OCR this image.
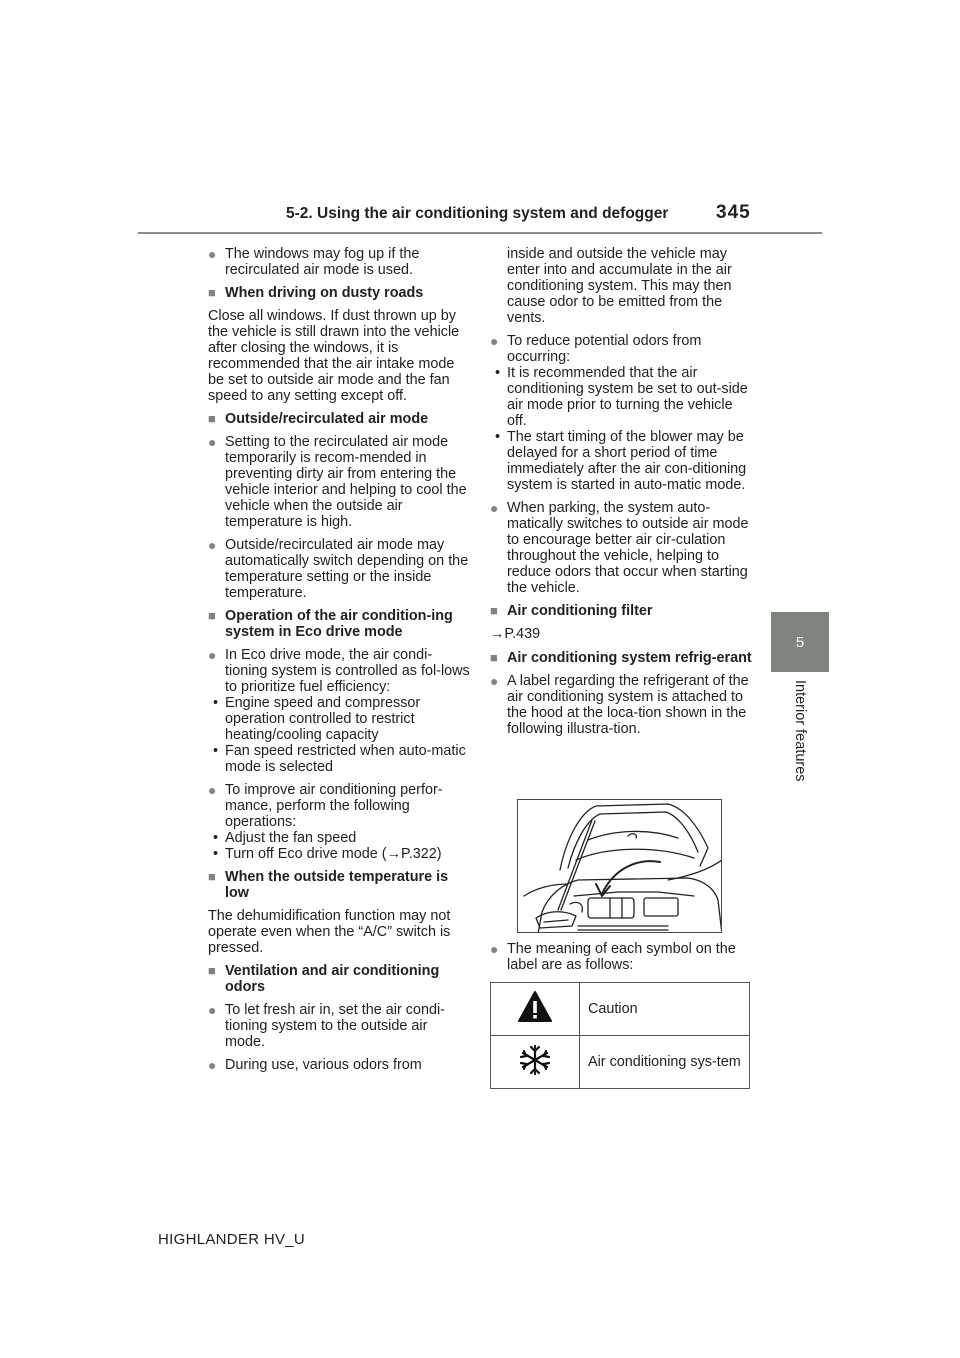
5-2. Using the air conditioning system and defogger	345
5
Interior features
● The windows may fog up if the recirculated air mode is used.
■ When driving on dusty roads
Close all windows. If dust thrown up by the vehicle is still drawn into the vehicle after closing the windows, it is recommended that the air intake mode be set to outside air mode and the fan speed to any setting except off.
■ Outside/recirculated air mode
● Setting to the recirculated air mode temporarily is recom-mended in preventing dirty air from entering the vehicle interior and helping to cool the vehicle when the outside air temperature is high.
● Outside/recirculated air mode may automatically switch depending on the temperature setting or the inside temperature.
■ Operation of the air condition-ing system in Eco drive mode
● In Eco drive mode, the air condi-tioning system is controlled as fol-lows to prioritize fuel efficiency:
• Engine speed and compressor operation controlled to restrict heating/cooling capacity
• Fan speed restricted when auto-matic mode is selected
● To improve air conditioning perfor-mance, perform the following operations:
• Adjust the fan speed
• Turn off Eco drive mode (→P.322)
■ When the outside temperature is low
The dehumidification function may not operate even when the “A/C” switch is pressed.
■ Ventilation and air conditioning odors
● To let fresh air in, set the air condi-tioning system to the outside air mode.
● During use, various odors from
inside and outside the vehicle may enter into and accumulate in the air conditioning system. This may then cause odor to be emitted from the vents.
● To reduce potential odors from occurring:
• It is recommended that the air conditioning system be set to out-side air mode prior to turning the vehicle off.
• The start timing of the blower may be delayed for a short period of time immediately after the air con-ditioning system is started in auto-matic mode.
● When parking, the system auto-matically switches to outside air mode to encourage better air cir-culation throughout the vehicle, helping to reduce odors that occur when starting the vehicle.
■ Air conditioning filter
→P.439
■ Air conditioning system refrig-erant
● A label regarding the refrigerant of the air conditioning system is attached to the hood at the loca-tion shown in the following illustra-tion.
● The meaning of each symbol on the label are as follows:
	Caution
	Air conditioning sys-tem
HIGHLANDER HV_U
